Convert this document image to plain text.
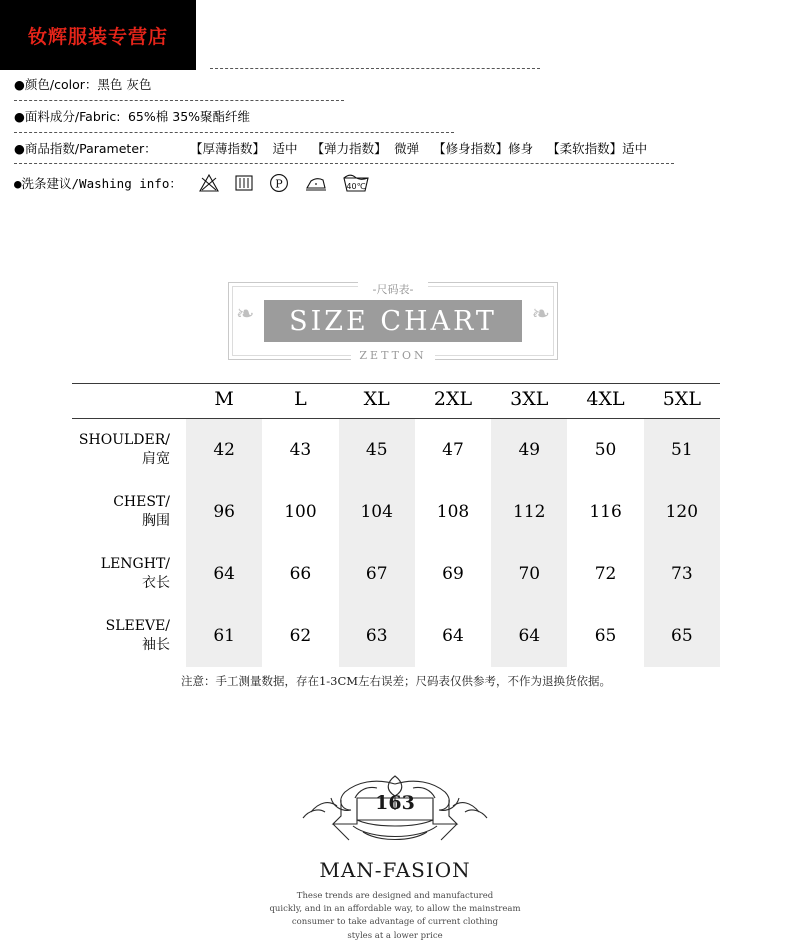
钕辉服装专营店
●颜色/color：黑色 灰色
●面料成分/Fabric: 65%棉 35%聚酯纤维
●商品指数/Parameter：	【厚薄指数】 适中 【弹力指数】 微弹 【修身指数】修身 【柔软指数】适中
●洗条建议/Washing info：	P	40℃
❧	❧
-尺码表-
SIZE CHART
ZETTON
	M	L	XL	2XL	3XL	4XL	5XL
SHOULDER/
肩宽	42	43	45	47	49	50	51
CHEST/
胸围	96	100	104	108	112	116	120
LENGHT/
衣长	64	66	67	69	70	72	73
SLEEVE/
袖长	61	62	63	64	64	65	65
注意：手工测量数据，存在1-3CM左右误差；尺码表仅供参考，不作为退换货依据。							
163
MAN-FASION
These trends are designed and manufactured
quickly, and in an affordable way, to allow the mainstream
consumer to take advantage of current clothing
styles at a lower price
